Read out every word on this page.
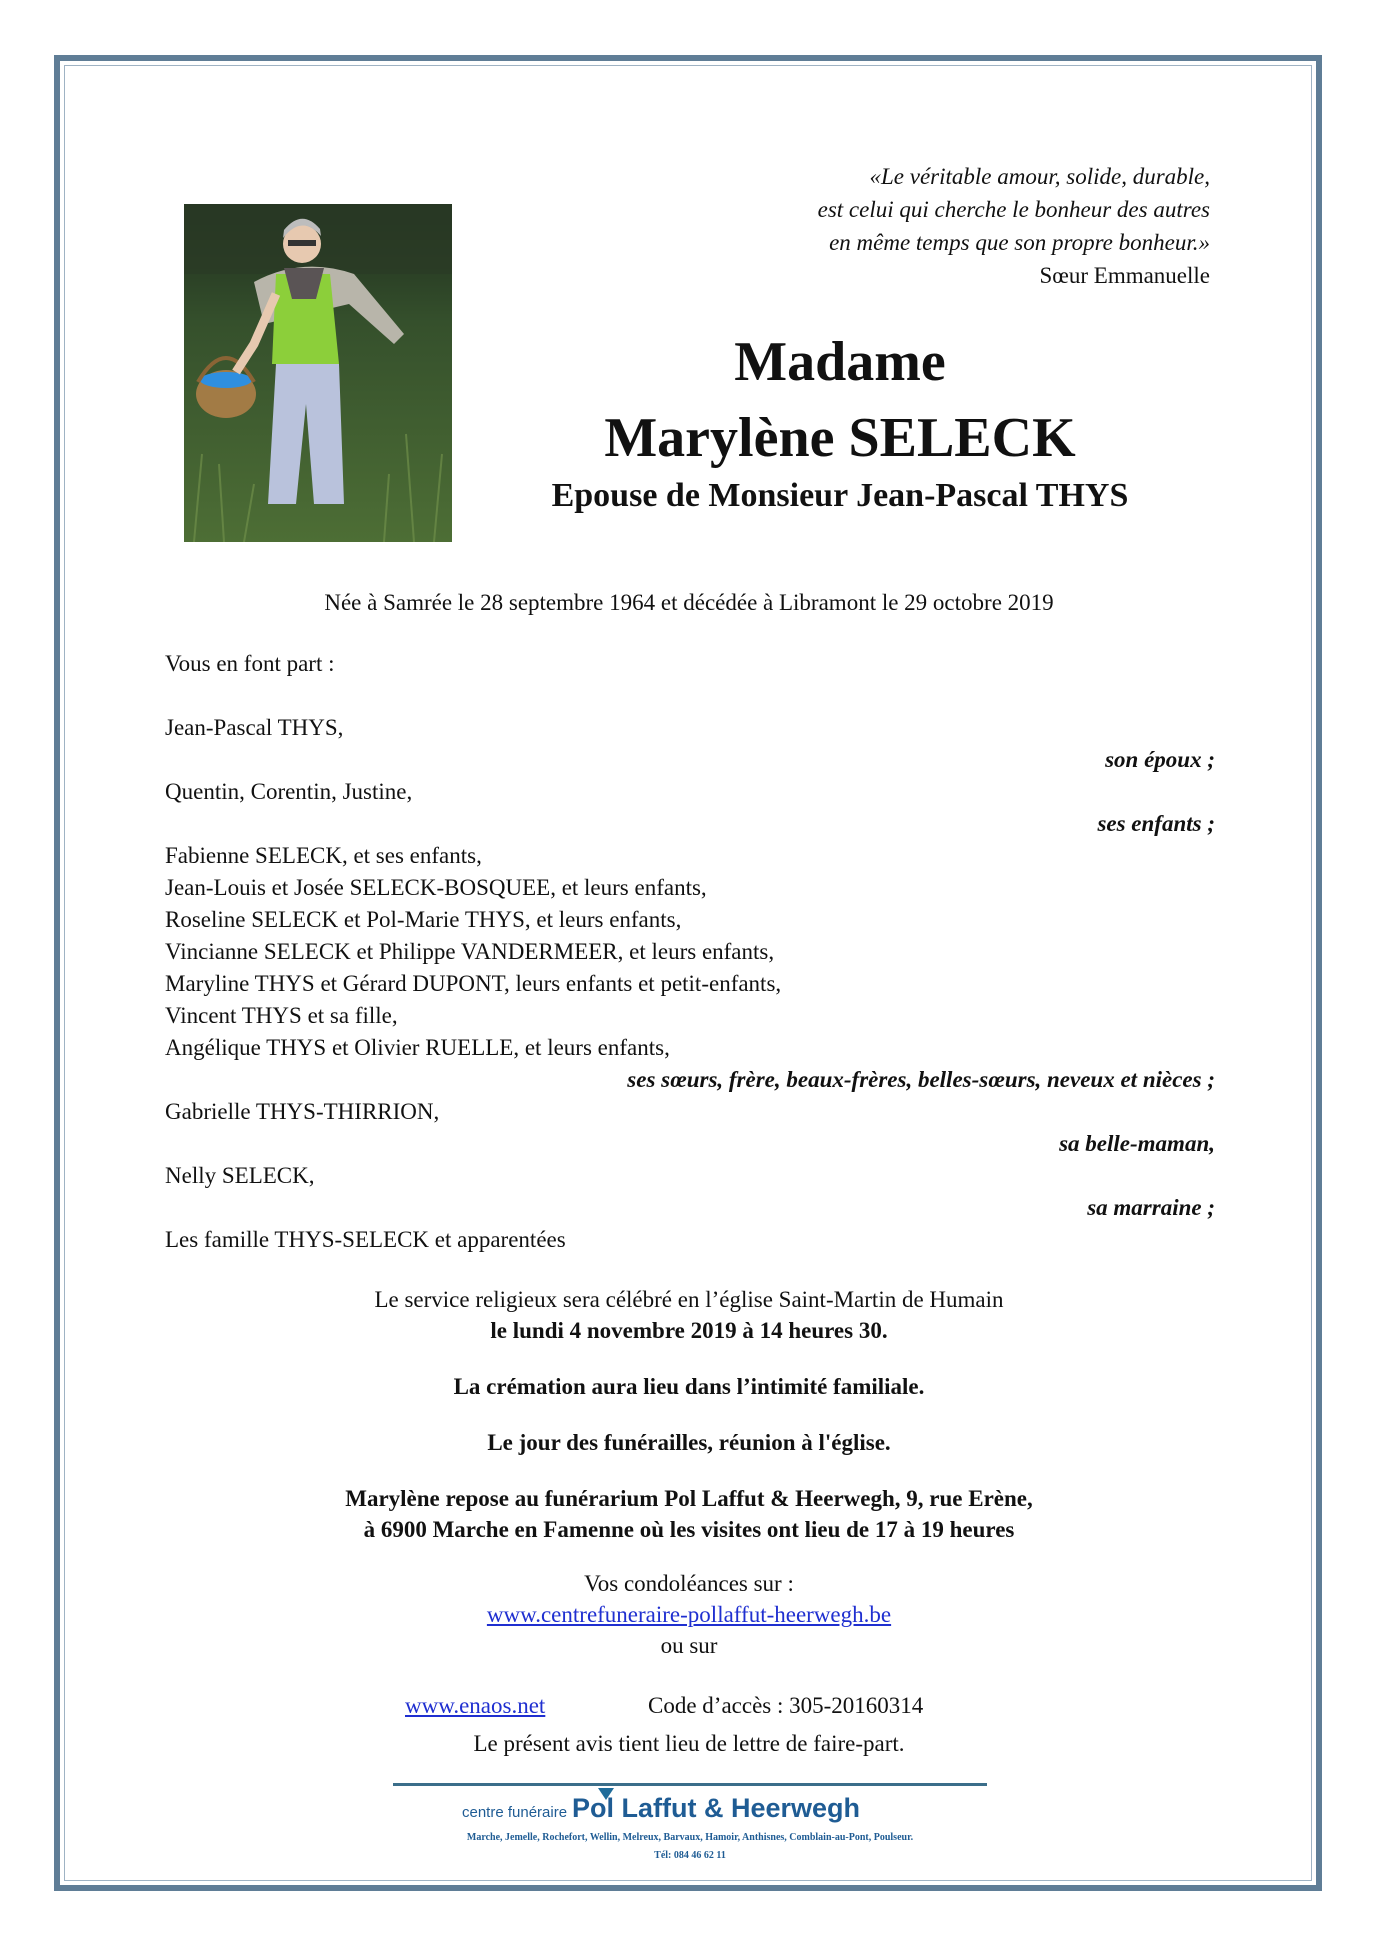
«Le véritable amour, solide, durable,
est celui qui cherche le bonheur des autres
en même temps que son propre bonheur.»
Sœur Emmanuelle
Madame
Marylène SELECK
Epouse de Monsieur Jean-Pascal THYS
Née à Samrée le 28 septembre 1964 et décédée à Libramont le 29 octobre 2019
Vous en font part :
Jean-Pascal THYS,
son époux ;
Quentin, Corentin, Justine,
ses enfants ;
Fabienne SELECK, et ses enfants,
Jean-Louis et Josée SELECK-BOSQUEE, et leurs enfants,
Roseline SELECK et Pol-Marie THYS, et leurs enfants,
Vincianne SELECK et Philippe VANDERMEER, et leurs enfants,
Maryline THYS et Gérard DUPONT, leurs enfants et petit-enfants,
Vincent THYS et sa fille,
Angélique THYS et Olivier RUELLE, et leurs enfants,
ses sœurs, frère, beaux-frères, belles-sœurs, neveux et nièces ;
Gabrielle THYS-THIRRION,
sa belle-maman,
Nelly SELECK,
sa marraine ;
Les famille THYS-SELECK et apparentées
Le service religieux sera célébré en l’église Saint-Martin de Humain
le lundi 4 novembre 2019 à 14 heures 30.
La crémation aura lieu dans l’intimité familiale.
Le jour des funérailles, réunion à l'église.
Marylène repose au funérarium Pol Laffut & Heerwegh, 9, rue Erène,
à 6900 Marche en Famenne où les visites ont lieu de 17 à 19 heures
Vos condoléances sur :
www.centrefuneraire-pollaffut-heerwegh.be
ou sur
www.enaos.net	Code d’accès : 305-20160314
Le présent avis tient lieu de lettre de faire-part.
centre funéraire Pol Laffut & Heerwegh
Marche, Jemelle, Rochefort, Wellin, Melreux, Barvaux, Hamoir, Anthisnes, Comblain-au-Pont, Poulseur.
Tél: 084 46 62 11
